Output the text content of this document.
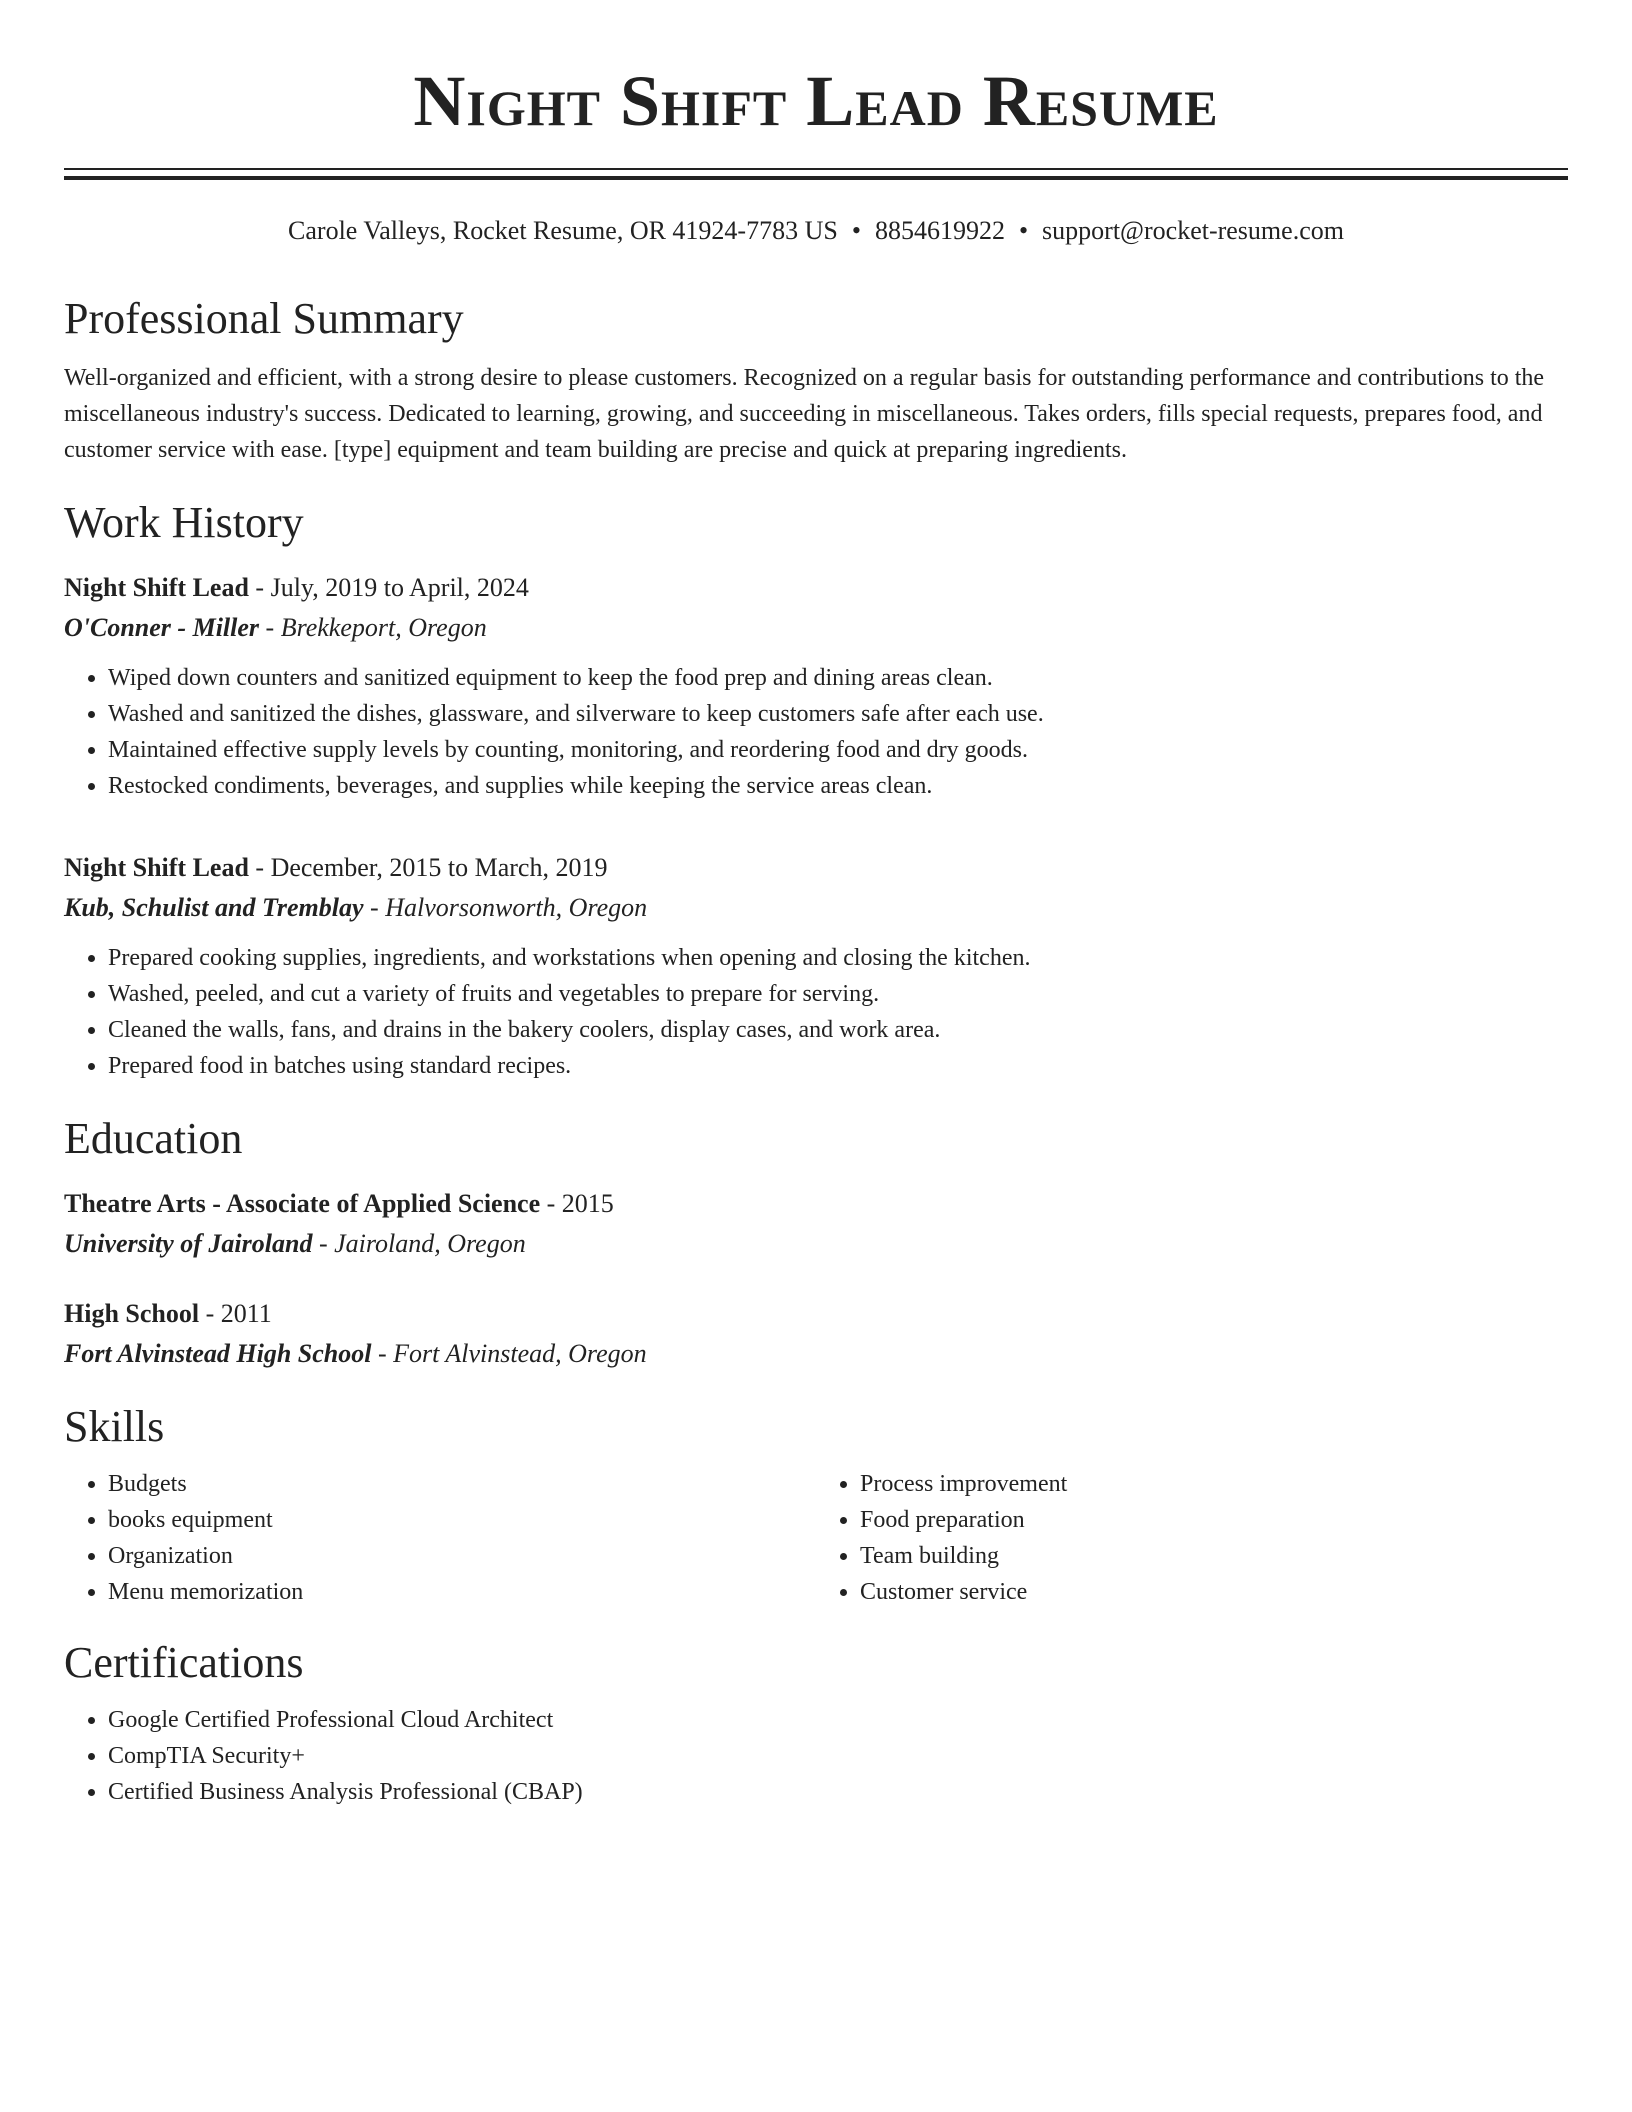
Night Shift Lead Resume
Carole Valleys, Rocket Resume, OR 41924-7783 US • 8854619922 • support@rocket-resume.com
Professional Summary

Well-organized and efficient, with a strong desire to please customers. Recognized on a regular basis for outstanding performance and contributions to the miscellaneous industry's success. Dedicated to learning, growing, and succeeding in miscellaneous. Takes orders, fills special requests, prepares food, and customer service with ease. [type] equipment and team building are precise and quick at preparing ingredients.

Work History
Night Shift Lead - July, 2019 to April, 2024
O'Conner - Miller - Brekkeport, Oregon
• Wiped down counters and sanitized equipment to keep the food prep and dining areas clean.
• Washed and sanitized the dishes, glassware, and silverware to keep customers safe after each use.
• Maintained effective supply levels by counting, monitoring, and reordering food and dry goods.
• Restocked condiments, beverages, and supplies while keeping the service areas clean.
Night Shift Lead - December, 2015 to March, 2019
Kub, Schulist and Tremblay - Halvorsonworth, Oregon
• Prepared cooking supplies, ingredients, and workstations when opening and closing the kitchen.
• Washed, peeled, and cut a variety of fruits and vegetables to prepare for serving.
• Cleaned the walls, fans, and drains in the bakery coolers, display cases, and work area.
• Prepared food in batches using standard recipes.
Education
Theatre Arts - Associate of Applied Science - 2015
University of Jairoland - Jairoland, Oregon
High School - 2011
Fort Alvinstead High School - Fort Alvinstead, Oregon
Skills
• Budgets
• books equipment
• Organization
• Menu memorization
• Process improvement
• Food preparation
• Team building
• Customer service
Certifications
• Google Certified Professional Cloud Architect
• CompTIA Security+
• Certified Business Analysis Professional (CBAP)
